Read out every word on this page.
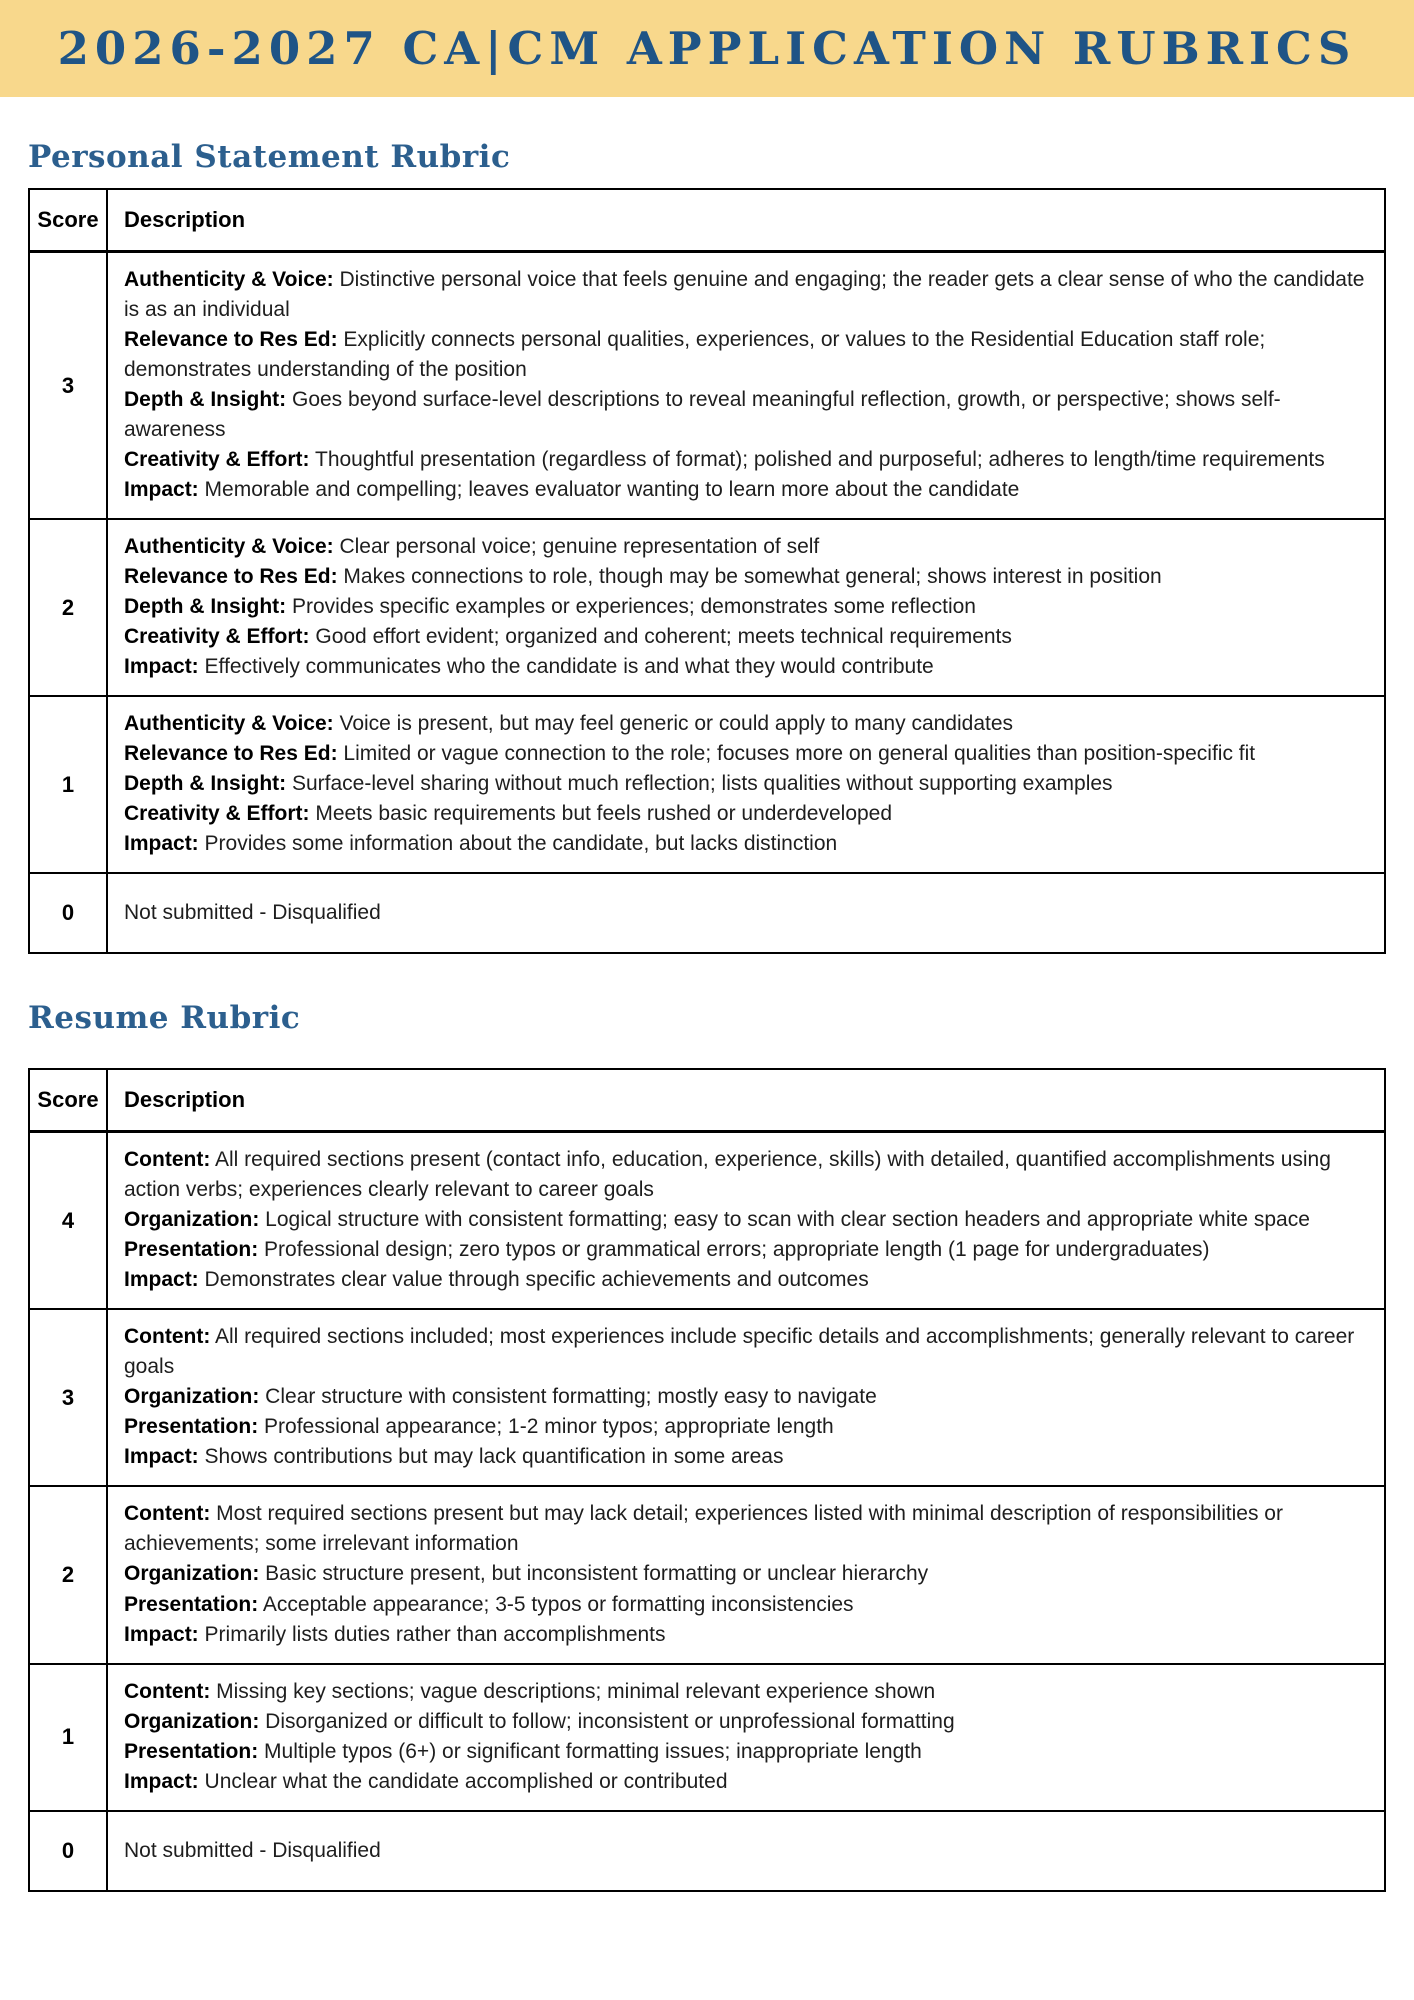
2026-2027 CA|CM APPLICATION RUBRICS
Personal Statement Rubric
Score	Description
3	Authenticity & Voice: Distinctive personal voice that feels genuine and engaging; the reader gets a clear sense of who the candidate is as an individual
Relevance to Res Ed: Explicitly connects personal qualities, experiences, or values to the Residential Education staff role; demonstrates understanding of the position
Depth & Insight: Goes beyond surface-level descriptions to reveal meaningful reflection, growth, or perspective; shows self-awareness
Creativity & Effort: Thoughtful presentation (regardless of format); polished and purposeful; adheres to length/time requirements
Impact: Memorable and compelling; leaves evaluator wanting to learn more about the candidate

2	Authenticity & Voice: Clear personal voice; genuine representation of self
Relevance to Res Ed: Makes connections to role, though may be somewhat general; shows interest in position
Depth & Insight: Provides specific examples or experiences; demonstrates some reflection
Creativity & Effort: Good effort evident; organized and coherent; meets technical requirements
Impact: Effectively communicates who the candidate is and what they would contribute

1	Authenticity & Voice: Voice is present, but may feel generic or could apply to many candidates
Relevance to Res Ed: Limited or vague connection to the role; focuses more on general qualities than position-specific fit
Depth & Insight: Surface-level sharing without much reflection; lists qualities without supporting examples
Creativity & Effort: Meets basic requirements but feels rushed or underdeveloped
Impact: Provides some information about the candidate, but lacks distinction

0	Not submitted - Disqualified
Resume Rubric
Score	Description
4	Content: All required sections present (contact info, education, experience, skills) with detailed, quantified accomplishments using action verbs; experiences clearly relevant to career goals
Organization: Logical structure with consistent formatting; easy to scan with clear section headers and appropriate white space
Presentation: Professional design; zero typos or grammatical errors; appropriate length (1 page for undergraduates)
Impact: Demonstrates clear value through specific achievements and outcomes

3	Content: All required sections included; most experiences include specific details and accomplishments; generally relevant to career goals
Organization: Clear structure with consistent formatting; mostly easy to navigate
Presentation: Professional appearance; 1-2 minor typos; appropriate length
Impact: Shows contributions but may lack quantification in some areas

2	Content: Most required sections present but may lack detail; experiences listed with minimal description of responsibilities or achievements; some irrelevant information
Organization: Basic structure present, but inconsistent formatting or unclear hierarchy
Presentation: Acceptable appearance; 3-5 typos or formatting inconsistencies
Impact: Primarily lists duties rather than accomplishments

1	Content: Missing key sections; vague descriptions; minimal relevant experience shown
Organization: Disorganized or difficult to follow; inconsistent or unprofessional formatting
Presentation: Multiple typos (6+) or significant formatting issues; inappropriate length
Impact: Unclear what the candidate accomplished or contributed

0	Not submitted - Disqualified
